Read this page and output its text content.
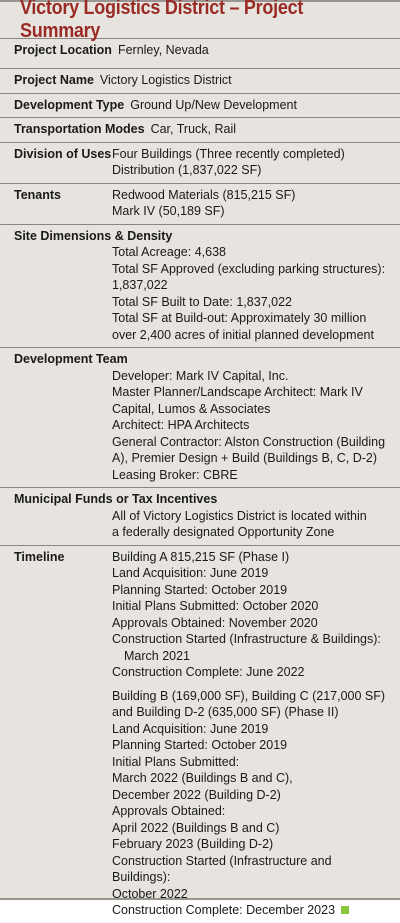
Victory Logistics District – Project Summary
Project Location Fernley, Nevada
Project Name Victory Logistics District
Development Type Ground Up/New Development
Transportation Modes Car, Truck, Rail
Division of Uses Four Buildings (Three recently completed)
Distribution (1,837,022 SF)
Tenants	Redwood Materials (815,215 SF)
Mark IV (50,189 SF)
Site Dimensions & Density
Total Acreage: 4,638
Total SF Approved (excluding parking structures):
1,837,022
Total SF Built to Date: 1,837,022
Total SF at Build-out: Approximately 30 million
over 2,400 acres of initial planned development
Development Team
Developer: Mark IV Capital, Inc.
Master Planner/Landscape Architect: Mark IV
Capital, Lumos & Associates
Architect: HPA Architects
General Contractor: Alston Construction (Building
A), Premier Design + Build (Buildings B, C, D-2)
Leasing Broker: CBRE
Municipal Funds or Tax Incentives
All of Victory Logistics District is located within
a federally designated Opportunity Zone
Timeline	Building A 815,215 SF (Phase I)
Land Acquisition: June 2019
Planning Started: October 2019
Initial Plans Submitted: October 2020
Approvals Obtained: November 2020
Construction Started (Infrastructure & Buildings):
March 2021
Construction Complete: June 2022
Building B (169,000 SF), Building C (217,000 SF)
and Building D-2 (635,000 SF) (Phase II)
Land Acquisition: June 2019
Planning Started: October 2019
Initial Plans Submitted:
March 2022 (Buildings B and C),
December 2022 (Building D-2)
Approvals Obtained:
April 2022 (Buildings B and C)
February 2023 (Building D-2)
Construction Started (Infrastructure and Buildings):
October 2022
Construction Complete: December 2023
